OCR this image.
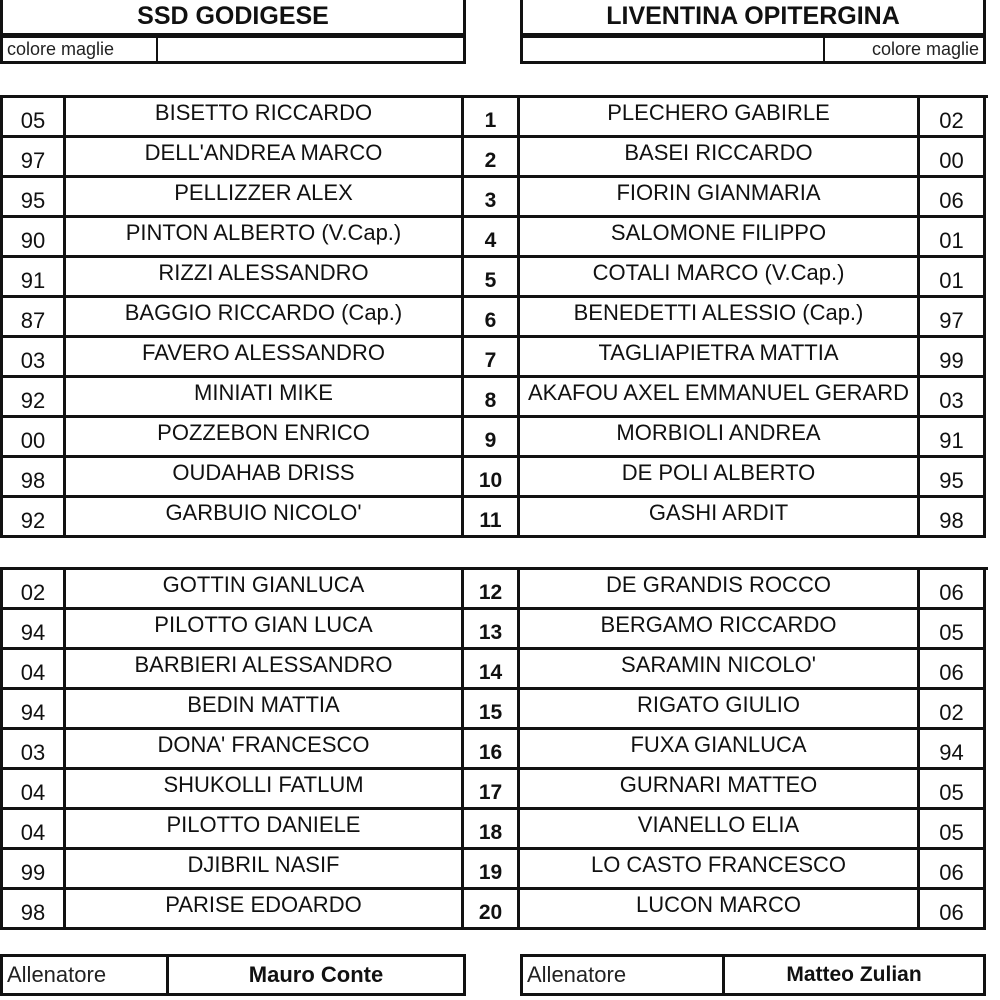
SSD GODIGESE	LIVENTINA OPITERGINA
colore maglie	colore maglie
05	BISETTO RICCARDO	1	PLECHERO GABIRLE	02
97	DELL'ANDREA MARCO	2	BASEI RICCARDO	00
95	PELLIZZER ALEX	3	FIORIN GIANMARIA	06
90	PINTON ALBERTO (V.Cap.)	4	SALOMONE FILIPPO	01
91	RIZZI ALESSANDRO	5	COTALI MARCO (V.Cap.)	01
87	BAGGIO RICCARDO (Cap.)	6	BENEDETTI ALESSIO (Cap.)	97
03	FAVERO ALESSANDRO	7	TAGLIAPIETRA MATTIA	99
92	MINIATI MIKE	8	AKAFOU AXEL EMMANUEL GERARD	03
00	POZZEBON ENRICO	9	MORBIOLI ANDREA	91
98	OUDAHAB DRISS	10	DE POLI ALBERTO	95
92	GARBUIO NICOLO'	11	GASHI ARDIT	98
02	GOTTIN GIANLUCA	12	DE GRANDIS ROCCO	06
94	PILOTTO GIAN LUCA	13	BERGAMO RICCARDO	05
04	BARBIERI ALESSANDRO	14	SARAMIN NICOLO'	06
94	BEDIN MATTIA	15	RIGATO GIULIO	02
03	DONA' FRANCESCO	16	FUXA GIANLUCA	94
04	SHUKOLLI FATLUM	17	GURNARI MATTEO	05
04	PILOTTO DANIELE	18	VIANELLO ELIA	05
99	DJIBRIL NASIF	19	LO CASTO FRANCESCO	06
98	PARISE EDOARDO	20	LUCON MARCO	06
Allenatore	Mauro Conte	Allenatore	Matteo Zulian
